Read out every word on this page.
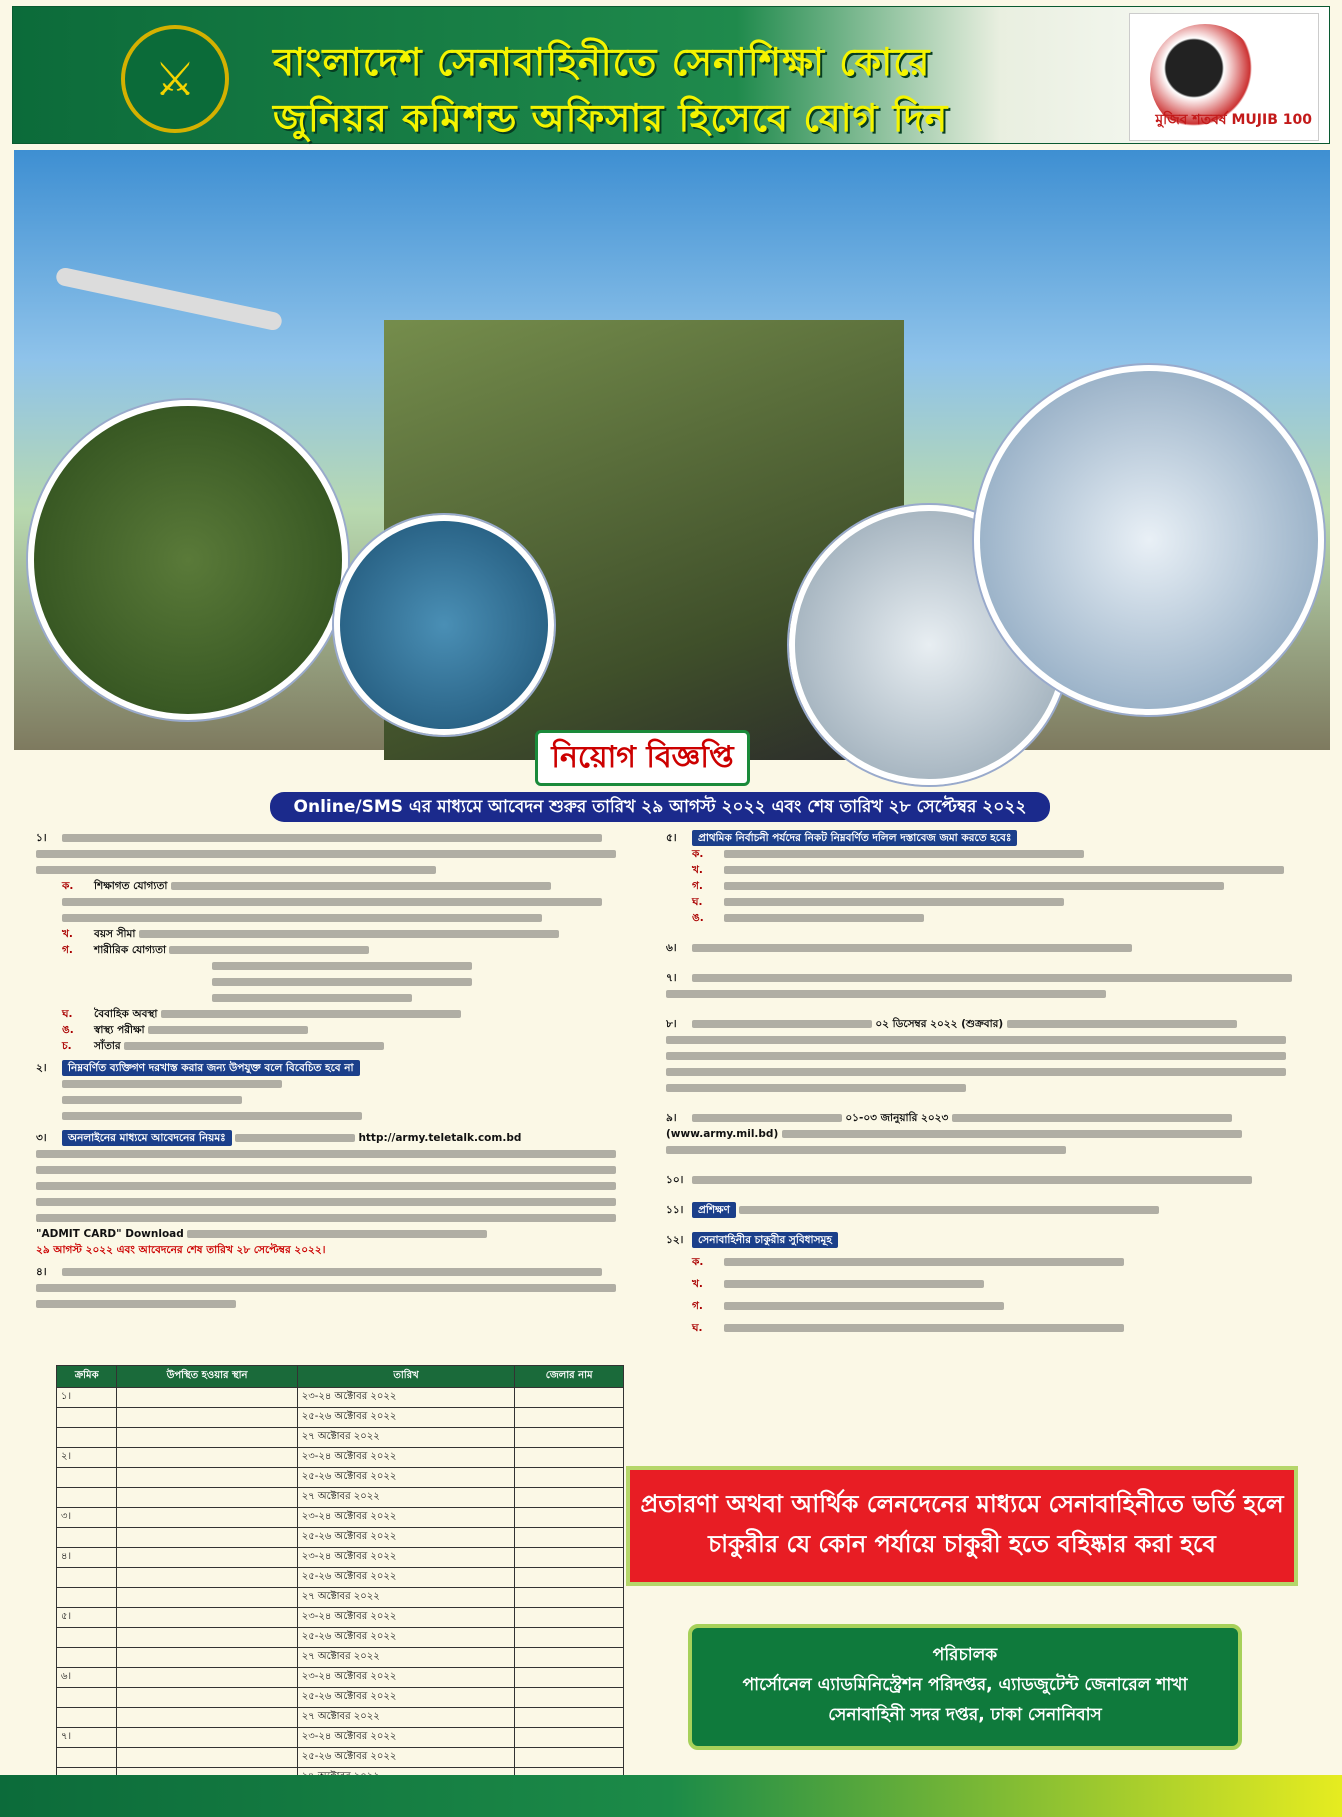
⚔	বাংলাদেশ সেনাবাহিনীতে সেনাশিক্ষা কোরে
জুনিয়র কমিশন্ড অফিসার হিসেবে যোগ দিন	মুজিব শতবর্ষ MUJIB 100
নিয়োগ বিজ্ঞপ্তি
Online/SMS এর মাধ্যমে আবেদন শুরুর তারিখ ২৯ আগস্ট ২০২২ এবং শেষ তারিখ ২৮ সেপ্টেম্বর ২০২২
১।

ক. শিক্ষাগত যোগ্যতা

খ. বয়স সীমা
গ. শারীরিক যোগ্যতা

ঘ. বৈবাহিক অবস্থা
ঙ. স্বাস্থ্য পরীক্ষা
চ. সাঁতার
২। নিম্নবর্ণিত ব্যক্তিগণ দরখাস্ত করার জন্য উপযুক্ত বলে বিবেচিত হবে না

৩। অনলাইনের মাধ্যমে আবেদনের নিয়মঃ	http://army.teletalk.com.bd

"ADMIT CARD" Download
২৯ আগস্ট ২০২২ এবং আবেদনের শেষ তারিখ ২৮ সেপ্টেম্বর ২০২২।
৪।

ক্রমিক	উপস্থিত হওয়ার স্থান	তারিখ	জেলার নাম
১।		২৩-২৪ অক্টোবর ২০২২	
		২৫-২৬ অক্টোবর ২০২২	
		২৭ অক্টোবর ২০২২	
২।		২৩-২৪ অক্টোবর ২০২২	
		২৫-২৬ অক্টোবর ২০২২	
		২৭ অক্টোবর ২০২২	
৩।		২৩-২৪ অক্টোবর ২০২২	
		২৫-২৬ অক্টোবর ২০২২	
৪।		২৩-২৪ অক্টোবর ২০২২	
		২৫-২৬ অক্টোবর ২০২২	
		২৭ অক্টোবর ২০২২	
৫।		২৩-২৪ অক্টোবর ২০২২	
		২৫-২৬ অক্টোবর ২০২২	
		২৭ অক্টোবর ২০২২	
৬।		২৩-২৪ অক্টোবর ২০২২	
		২৫-২৬ অক্টোবর ২০২২	
		২৭ অক্টোবর ২০২২	
৭।		২৩-২৪ অক্টোবর ২০২২	
		২৫-২৬ অক্টোবর ২০২২	

৫। প্রাথমিক নির্বাচনী পর্যদের নিকট নিম্নবর্ণিত দলিল দস্তাবেজ জমা করতে হবেঃ
ক.
খ.
গ.
ঘ.
ঙ.
৬।
৭।

৮।	০২ ডিসেম্বর ২০২২ (শুক্রবার)

৯।	০১-০৩ জানুয়ারি ২০২৩
(www.army.mil.bd)

১০।
১১। প্রশিক্ষণ
১২। সেনাবাহিনীর চাকুরীর সুবিধাসমূহ
ক.
খ.
গ.
ঘ.
প্রতারণা অথবা আর্থিক লেনদেনের মাধ্যমে সেনাবাহিনীতে ভর্তি হলে চাকুরীর যে কোন পর্যায়ে চাকুরী হতে বহিষ্কার করা হবে
পরিচালক
পার্সোনেল এ্যাডমিনিস্ট্রেশন পরিদপ্তর, এ্যাডজুটেন্ট জেনারেল শাখা
সেনাবাহিনী সদর দপ্তর, ঢাকা সেনানিবাস
